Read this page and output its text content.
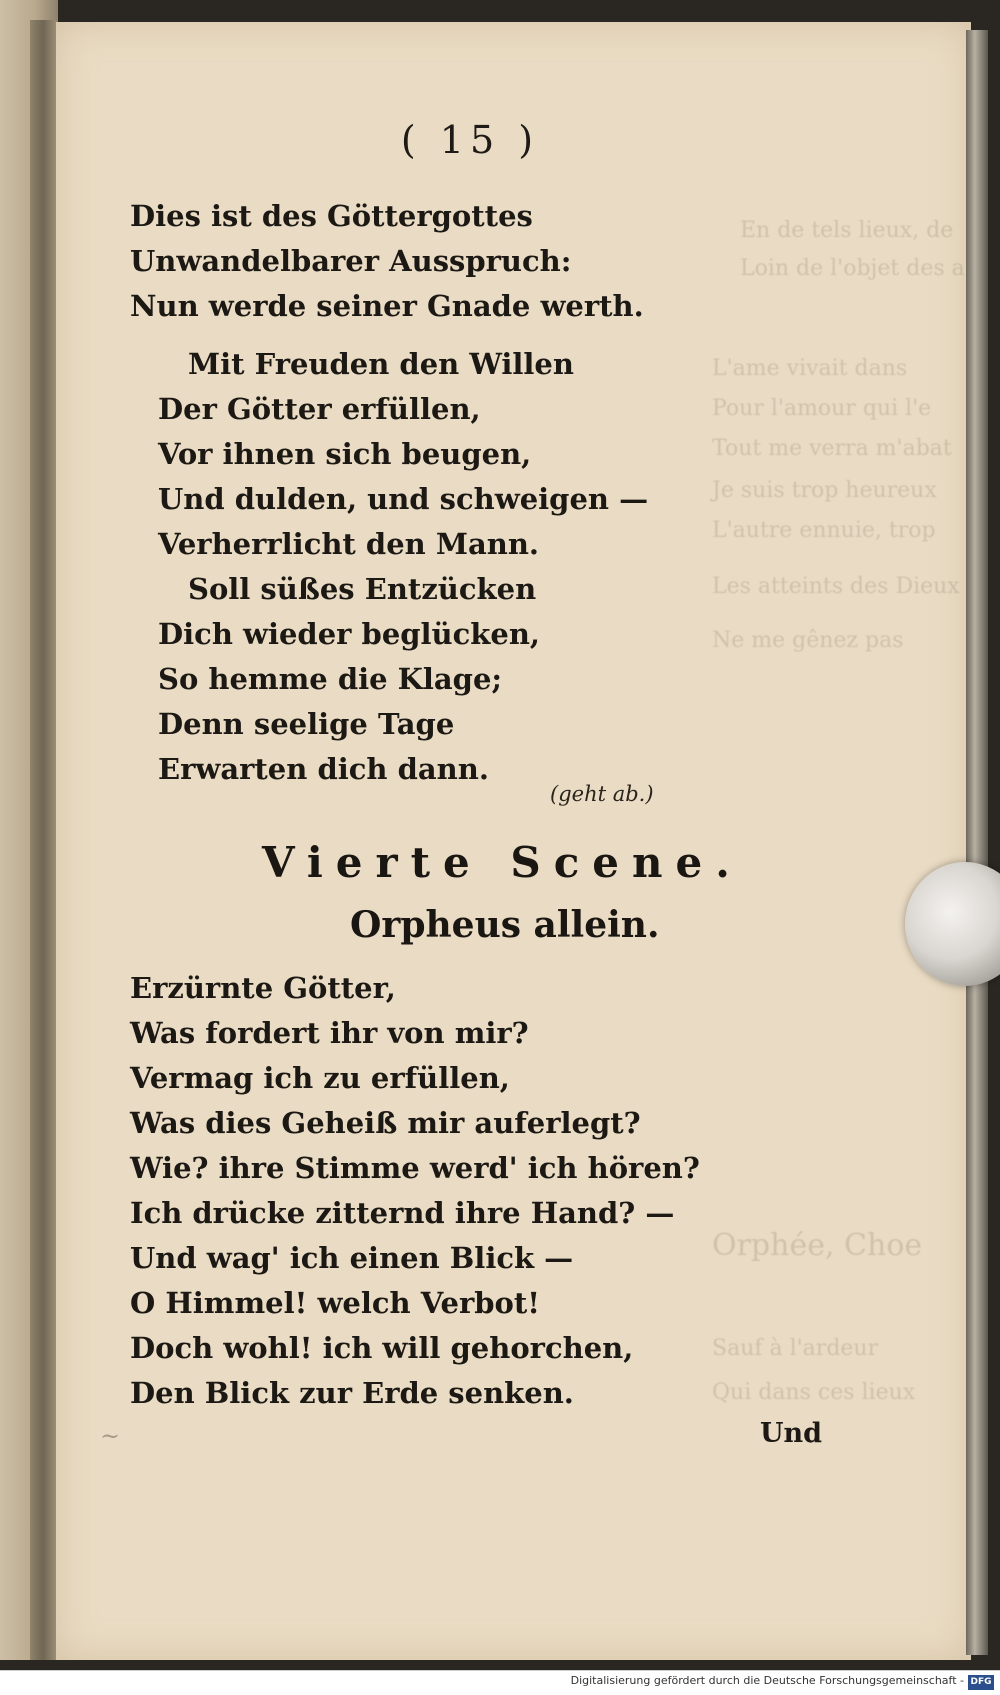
En de tels lieux, de
Loin de l'objet des a
L'ame vivait dans
Pour l'amour qui l'e
Tout me verra m'abat
Je suis trop heureux
L'autre ennuie, trop
Les atteints des Dieux
Ne me gênez pas
Orphée, Choe
Sauf à l'ardeur
Qui dans ces lieux
( 15 )
Dies ist des Göttergottes
Unwandelbarer Ausspruch:
Nun werde seiner Gnade werth.
Mit Freuden den Willen
Der Götter erfüllen,
Vor ihnen sich beugen,
Und dulden, und schweigen —
Verherrlicht den Mann.
Soll süßes Entzücken
Dich wieder beglücken,
So hemme die Klage;
Denn seelige Tage
Erwarten dich dann.
(geht ab.)
Vierte Scene.
Orpheus allein.
Erzürnte Götter,
Was fordert ihr von mir?
Vermag ich zu erfüllen,
Was dies Geheiß mir auferlegt?
Wie? ihre Stimme werd' ich hören?
Ich drücke zitternd ihre Hand? —
Und wag' ich einen Blick —
O Himmel! welch Verbot!
Doch wohl! ich will gehorchen,
Den Blick zur Erde senken.
~	Und
Digitalisierung gefördert durch die Deutsche Forschungsgemeinschaft - DFG
